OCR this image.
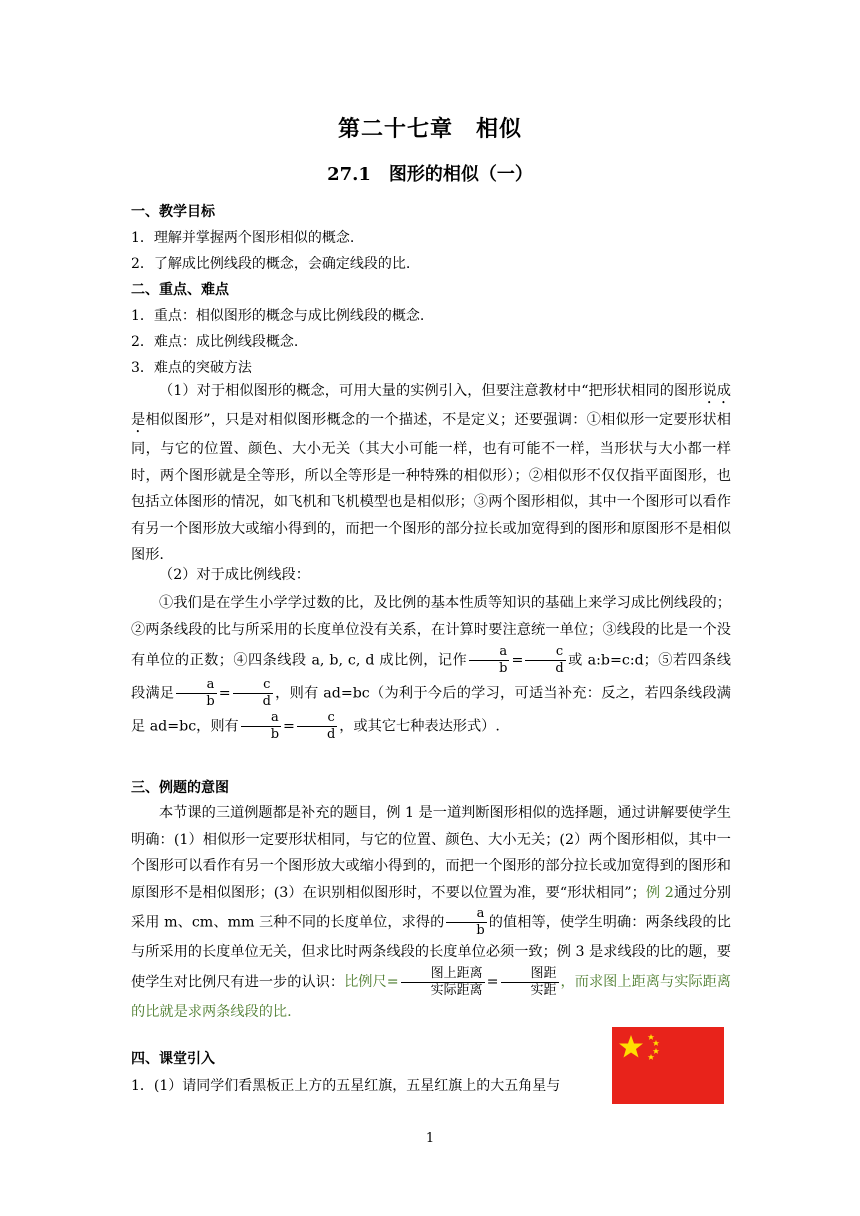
第二十七章　相似
27.1　图形的相似（一）
一、教学目标
1．理解并掌握两个图形相似的概念.
2．了解成比例线段的概念，会确定线段的比.
二、重点、难点
1．重点：相似图形的概念与成比例线段的概念.
2．难点：成比例线段概念.
3．难点的突破方法
（1）对于相似图形的概念，可用大量的实例引入，但要注意教材中“把形状相同的图形说成是相似图形”，只是对相似图形概念的一个描述，不是定义；还要强调：①相似形一定要形状相同，与它的位置、颜色、大小无关（其大小可能一样，也有可能不一样，当形状与大小都一样时，两个图形就是全等形，所以全等形是一种特殊的相似形）；②相似形不仅仅指平面图形，也包括立体图形的情况，如飞机和飞机模型也是相似形；③两个图形相似，其中一个图形可以看作有另一个图形放大或缩小得到的，而把一个图形的部分拉长或加宽得到的图形和原图形不是相似图形.
（2）对于成比例线段：
①我们是在学生小学学过数的比，及比例的基本性质等知识的基础上来学习成比例线段的；②两条线段的比与所采用的长度单位没有关系，在计算时要注意统一单位；③线段的比是一个没有单位的正数；④四条线段 a, b, c, d 成比例，记作 $\frac{a}{b} = \frac{c}{d}$ 或 a:b=c:d；⑤若四条线段满足 $\frac{a}{b} = \frac{c}{d}$ ，则有 ad=bc（为利于今后的学习，可适当补充：反之，若四条线段满足 ad=bc，则有 $\frac{a}{b} = \frac{c}{d}$ ，或其它七种表达形式）.
三、例题的意图
本节课的三道例题都是补充的题目，例 1 是一道判断图形相似的选择题，通过讲解要使学生明确：(1）相似形一定要形状相同，与它的位置、颜色、大小无关；(2）两个图形相似，其中一个图形可以看作有另一个图形放大或缩小得到的，而把一个图形的部分拉长或加宽得到的图形和原图形不是相似图形；(3）在识别相似图形时，不要以位置为准，要“形状相同”；例 2通过分别采用 m、cm、mm 三种不同的长度单位，求得的 $\frac{a}{b}$ 的值相等，使学生明确：两条线段的比与所采用的长度单位无关，但求比时两条线段的长度单位必须一致；例 3 是求线段的比的题，要使学生对比例尺有进一步的认识：比例尺= $\frac{\text{图上距离}}{\text{实际距离}} = \frac{\text{图距}}{\text{实距}}$ ，而求图上距离与实际距离的比就是求两条线段的比.
四、课堂引入
1．(1）请同学们看黑板正上方的五星红旗，五星红旗上的大五角星与
1
